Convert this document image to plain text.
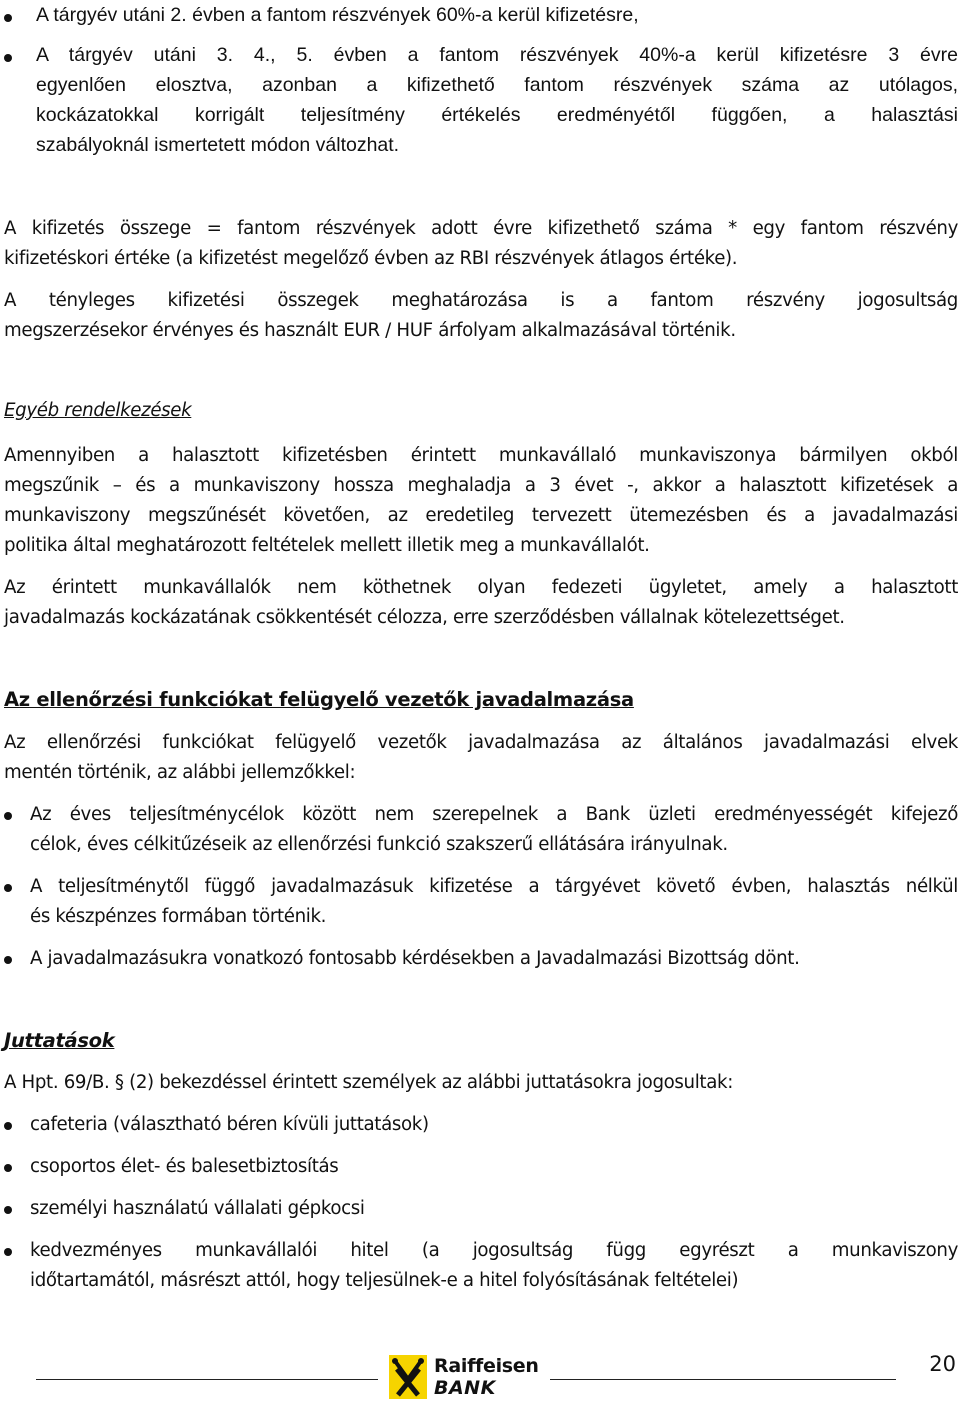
A tárgyév utáni 2. évben a fantom részvények 60%-a kerül kifizetésre,
A tárgyév utáni 3. 4., 5. évben a fantom részvények 40%-a kerül kifizetésre 3 évre
egyenlően elosztva, azonban a kifizethető fantom részvények száma az utólagos,
kockázatokkal korrigált teljesítmény értékelés eredményétől függően, a halasztási
szabályoknál ismertetett módon változhat.
A kifizetés összege = fantom részvények adott évre kifizethető száma * egy fantom részvény
kifizetéskori értéke (a kifizetést megelőző évben az RBI részvények átlagos értéke).
A tényleges kifizetési összegek meghatározása is a fantom részvény jogosultság
megszerzésekor érvényes és használt EUR / HUF árfolyam alkalmazásával történik.
Egyéb rendelkezések
Amennyiben a halasztott kifizetésben érintett munkavállaló munkaviszonya bármilyen okból
megszűnik – és a munkaviszony hossza meghaladja a 3 évet -, akkor a halasztott kifizetések a
munkaviszony megszűnését követően, az eredetileg tervezett ütemezésben és a javadalmazási
politika által meghatározott feltételek mellett illetik meg a munkavállalót.
Az érintett munkavállalók nem köthetnek olyan fedezeti ügyletet, amely a halasztott
javadalmazás kockázatának csökkentését célozza, erre szerződésben vállalnak kötelezettséget.
Az ellenőrzési funkciókat felügyelő vezetők javadalmazása
Az ellenőrzési funkciókat felügyelő vezetők javadalmazása az általános javadalmazási elvek
mentén történik, az alábbi jellemzőkkel:
Az éves teljesítménycélok között nem szerepelnek a Bank üzleti eredményességét kifejező
célok, éves célkitűzéseik az ellenőrzési funkció szakszerű ellátására irányulnak.
A teljesítménytől függő javadalmazásuk kifizetése a tárgyévet követő évben, halasztás nélkül
és készpénzes formában történik.
A javadalmazásukra vonatkozó fontosabb kérdésekben a Javadalmazási Bizottság dönt.
Juttatások
A Hpt. 69/B. § (2) bekezdéssel érintett személyek az alábbi juttatásokra jogosultak:
cafeteria (választható béren kívüli juttatások)
csoportos élet- és balesetbiztosítás
személyi használatú vállalati gépkocsi
kedvezményes munkavállalói hitel (a jogosultság függ egyrészt a munkaviszony
időtartamától, másrészt attól, hogy teljesülnek-e a hitel folyósításának feltételei)
Raiffeisen
BANK
20
